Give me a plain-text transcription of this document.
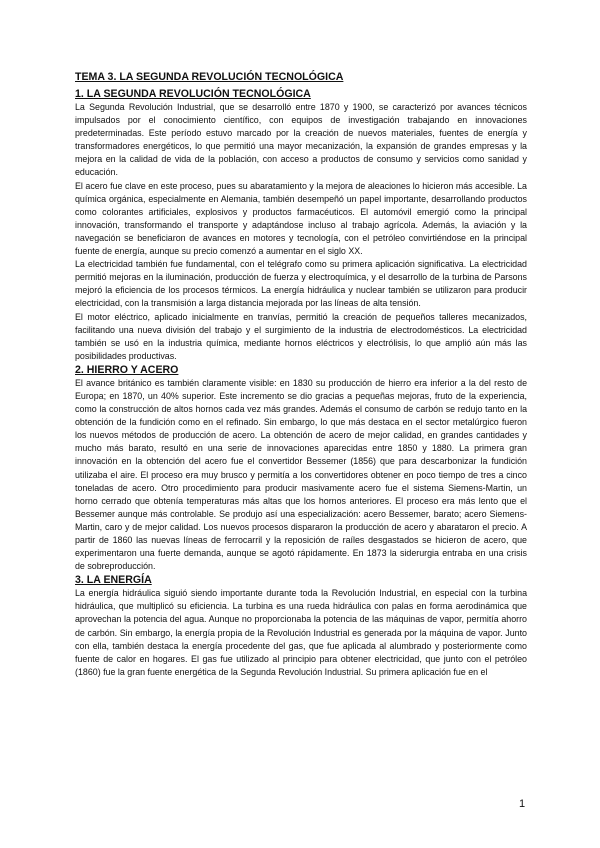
TEMA 3. LA SEGUNDA REVOLUCIÓN TECNOLÓGICA
1. LA SEGUNDA REVOLUCIÓN TECNOLÓGICA

La Segunda Revolución Industrial, que se desarrolló entre 1870 y 1900, se caracterizó por avances técnicos impulsados por el conocimiento científico, con equipos de investigación trabajando en innovaciones predeterminadas. Este período estuvo marcado por la creación de nuevos materiales, fuentes de energía y transformadores energéticos, lo que permitió una mayor mecanización, la expansión de grandes empresas y la mejora en la calidad de vida de la población, con acceso a productos de consumo y servicios como sanidad y educación.

El acero fue clave en este proceso, pues su abaratamiento y la mejora de aleaciones lo hicieron más accesible. La química orgánica, especialmente en Alemania, también desempeñó un papel importante, desarrollando productos como colorantes artificiales, explosivos y productos farmacéuticos. El automóvil emergió como la principal innovación, transformando el transporte y adaptándose incluso al trabajo agrícola. Además, la aviación y la navegación se beneficiaron de avances en motores y tecnología, con el petróleo convirtiéndose en la principal fuente de energía, aunque su precio comenzó a aumentar en el siglo XX.

La electricidad también fue fundamental, con el telégrafo como su primera aplicación significativa. La electricidad permitió mejoras en la iluminación, producción de fuerza y electroquímica, y el desarrollo de la turbina de Parsons mejoró la eficiencia de los procesos térmicos. La energía hidráulica y nuclear también se utilizaron para producir electricidad, con la transmisión a larga distancia mejorada por las líneas de alta tensión.

El motor eléctrico, aplicado inicialmente en tranvías, permitió la creación de pequeños talleres mecanizados, facilitando una nueva división del trabajo y el surgimiento de la industria de electrodomésticos. La electricidad también se usó en la industria química, mediante hornos eléctricos y electrólisis, lo que amplió aún más las posibilidades productivas.

2. HIERRO Y ACERO

El avance británico es también claramente visible: en 1830 su producción de hierro era inferior a la del resto de Europa; en 1870, un 40% superior. Este incremento se dio gracias a pequeñas mejoras, fruto de la experiencia, como la construcción de altos hornos cada vez más grandes. Además el consumo de carbón se redujo tanto en la obtención de la fundición como en el refinado. Sin embargo, lo que más destaca en el sector metalúrgico fueron los nuevos métodos de producción de acero. La obtención de acero de mejor calidad, en grandes cantidades y mucho más barato, resultó en una serie de innovaciones aparecidas entre 1850 y 1880. La primera gran innovación en la obtención del acero fue el convertidor Bessemer (1856) que para descarbonizar la fundición utilizaba el aire. El proceso era muy brusco y permitía a los convertidores obtener en poco tiempo de tres a cinco toneladas de acero. Otro procedimiento para producir masivamente acero fue el sistema Siemens-Martin, un horno cerrado que obtenía temperaturas más altas que los hornos anteriores. El proceso era más lento que el Bessemer aunque más controlable. Se produjo así una especialización: acero Bessemer, barato; acero Siemens-Martin, caro y de mejor calidad. Los nuevos procesos dispararon la producción de acero y abarataron el precio. A partir de 1860 las nuevas líneas de ferrocarril y la reposición de raíles desgastados se hicieron de acero, que experimentaron una fuerte demanda, aunque se agotó rápidamente. En 1873 la siderurgia entraba en una crisis de sobreproducción.

3. LA ENERGÍA

La energía hidráulica siguió siendo importante durante toda la Revolución Industrial, en especial con la turbina hidráulica, que multiplicó su eficiencia. La turbina es una rueda hidráulica con palas en forma aerodinámica que aprovechan la potencia del agua. Aunque no proporcionaba la potencia de las máquinas de vapor, permitía ahorro de carbón. Sin embargo, la energía propia de la Revolución Industrial es generada por la máquina de vapor. Junto con ella, también destaca la energía procedente del gas, que fue aplicada al alumbrado y posteriormente como fuente de calor en hogares. El gas fue utilizado al principio para obtener electricidad, que junto con el petróleo (1860) fue la gran fuente energética de la Segunda Revolución Industrial. Su primera aplicación fue en el

1
